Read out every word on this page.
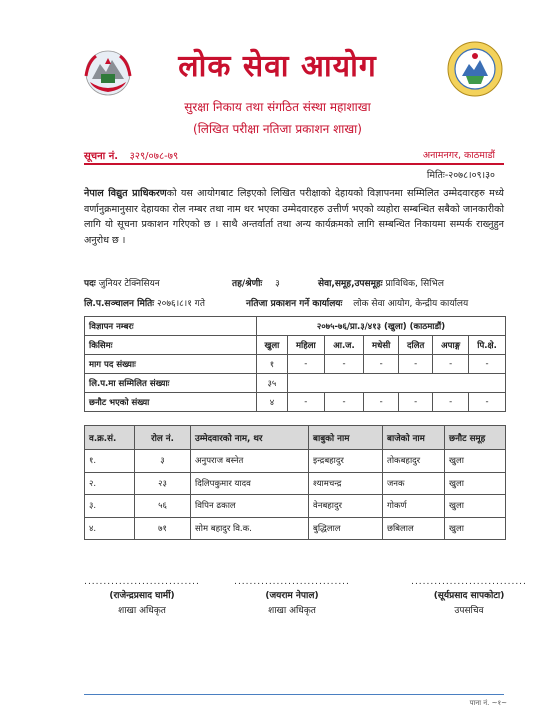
लोक सेवा आयोग
सुरक्षा निकाय तथा संगठित संस्था महाशाखा
(लिखित परीक्षा नतिजा प्रकाशन शाखा)
सूचना नं. ३२९/०७८-७९	अनामनगर, काठमाडौं
मितिः-२०७८।०९।३०
नेपाल विद्युत प्राधिकरणको यस आयोगबाट लिइएको लिखित परीक्षाको देहायको विज्ञापनमा सम्मिलित उम्मेदवारहरु मध्ये वर्णानुक्रमानुसार देहायका रोल नम्बर तथा नाम थर भएका उम्मेदवारहरु उत्तीर्ण भएको व्यहोरा सम्बन्धित सबैको जानकारीको लागि यो सूचना प्रकाशन गरिएको छ । साथै अन्तर्वार्ता तथा अन्य कार्यक्रमको लागि सम्बन्धित निकायमा सम्पर्क राख्नुहुन अनुरोध छ ।
पदः जुनियर टेक्निसियन	तह/श्रेणीः ३	सेवा,समूह,उपसमूहः प्राविधिक, सिभिल
लि.प.सञ्चालन मितिः २०७६।८।१ गते	नतिजा प्रकाशन गर्ने कार्यालयः लोक सेवा आयोग, केन्द्रीय कार्यालय
विज्ञापन नम्बरः	२०७५-७६/प्रा.३/४१३ (खुला) (काठमाडौं)						
किसिमः	खुला	महिला	आ.ज.	मधेसी	दलित	अपाङ्ग	पि.क्षे.
माग पद संख्याः	१	-	-	-	-	-	-
लि.प.मा सम्मिलित संख्याः	३५						
छनौट भएको संख्या	४	-	-	-	-	-	-
व.क्र.सं.	रोल नं.	उम्मेदवारको नाम, थर	बाबुको नाम	बाजेको नाम	छनौट समूह
१.	३	अनुपराज बस्नेत	इन्द्रबहादुर	तोकबहादुर	खुला
२.	२३	दिलिपकुमार यादव	श्यामचन्द्र	जनक	खुला
३.	५६	विपिन ढकाल	वेनबहादुर	गोकर्ण	खुला
४.	७१	सोम बहादुर वि.क.	बुद्धिलाल	छबिलाल	खुला
..............................
(राजेन्द्रप्रसाद घार्मी)
शाखा अधिकृत
..............................
(जयराम नेपाल)
शाखा अधिकृत
..............................
(सूर्यप्रसाद सापकोटा)
उपसचिव
पाना नं. ~१~
